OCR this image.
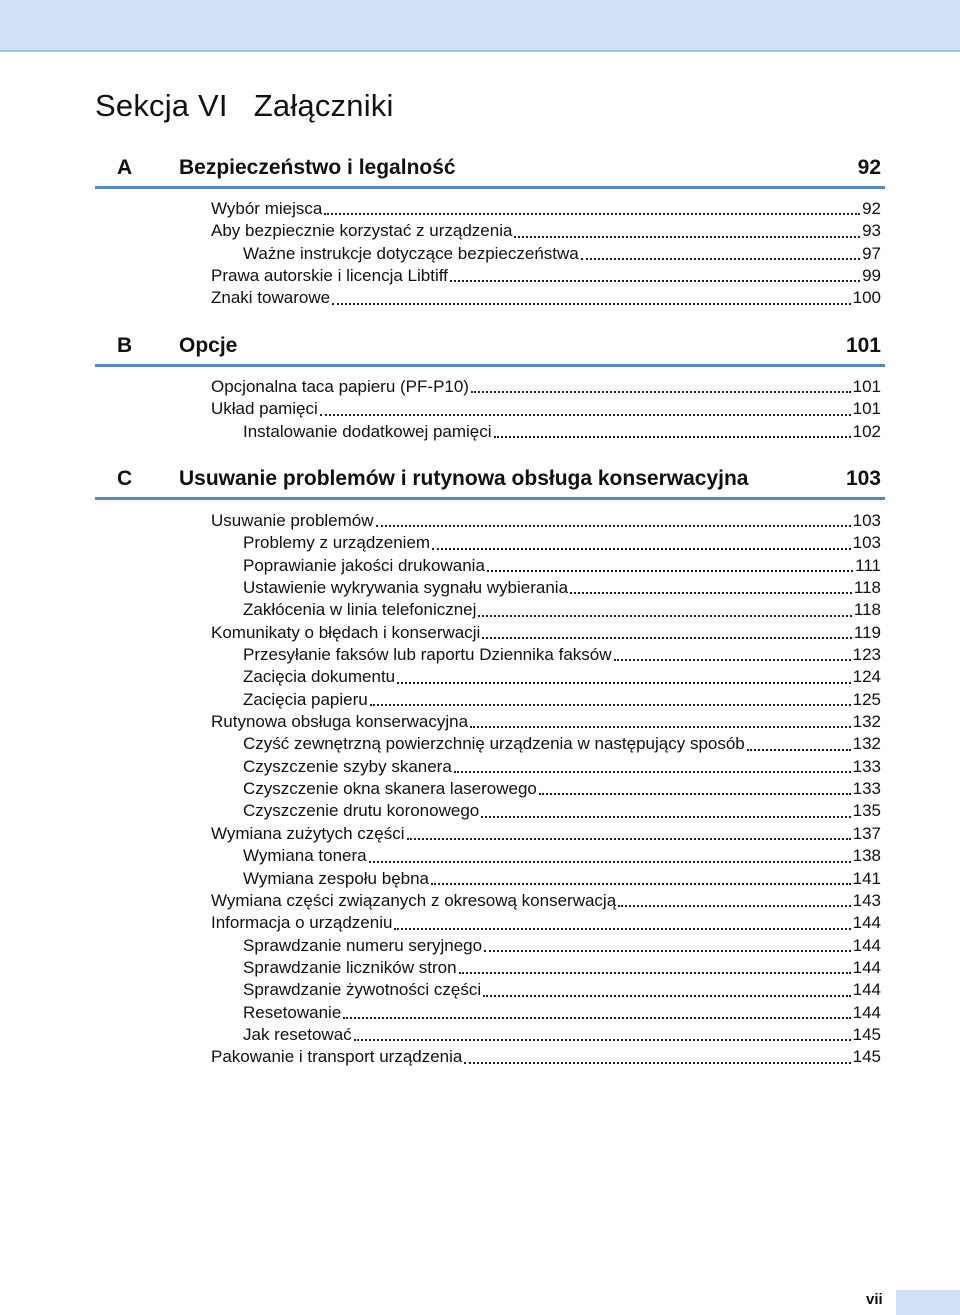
Sekcja VI Załączniki
A	Bezpieczeństwo i legalność	92
Wybór miejsca	92
Aby bezpiecznie korzystać z urządzenia	93
Ważne instrukcje dotyczące bezpieczeństwa	97
Prawa autorskie i licencja Libtiff	99
Znaki towarowe	100
B	Opcje	101
Opcjonalna taca papieru (PF-P10)	101
Układ pamięci	101
Instalowanie dodatkowej pamięci	102
C	Usuwanie problemów i rutynowa obsługa konserwacyjna	103
Usuwanie problemów	103
Problemy z urządzeniem	103
Poprawianie jakości drukowania	111
Ustawienie wykrywania sygnału wybierania	118
Zakłócenia w linia telefonicznej	118
Komunikaty o błędach i konserwacji	119
Przesyłanie faksów lub raportu Dziennika faksów	123
Zacięcia dokumentu	124
Zacięcia papieru	125
Rutynowa obsługa konserwacyjna	132
Czyść zewnętrzną powierzchnię urządzenia w następujący sposób	132
Czyszczenie szyby skanera	133
Czyszczenie okna skanera laserowego	133
Czyszczenie drutu koronowego	135
Wymiana zużytych części	137
Wymiana tonera	138
Wymiana zespołu bębna	141
Wymiana części związanych z okresową konserwacją	143
Informacja o urządzeniu	144
Sprawdzanie numeru seryjnego	144
Sprawdzanie liczników stron	144
Sprawdzanie żywotności części	144
Resetowanie	144
Jak resetować	145
Pakowanie i transport urządzenia	145
vii
